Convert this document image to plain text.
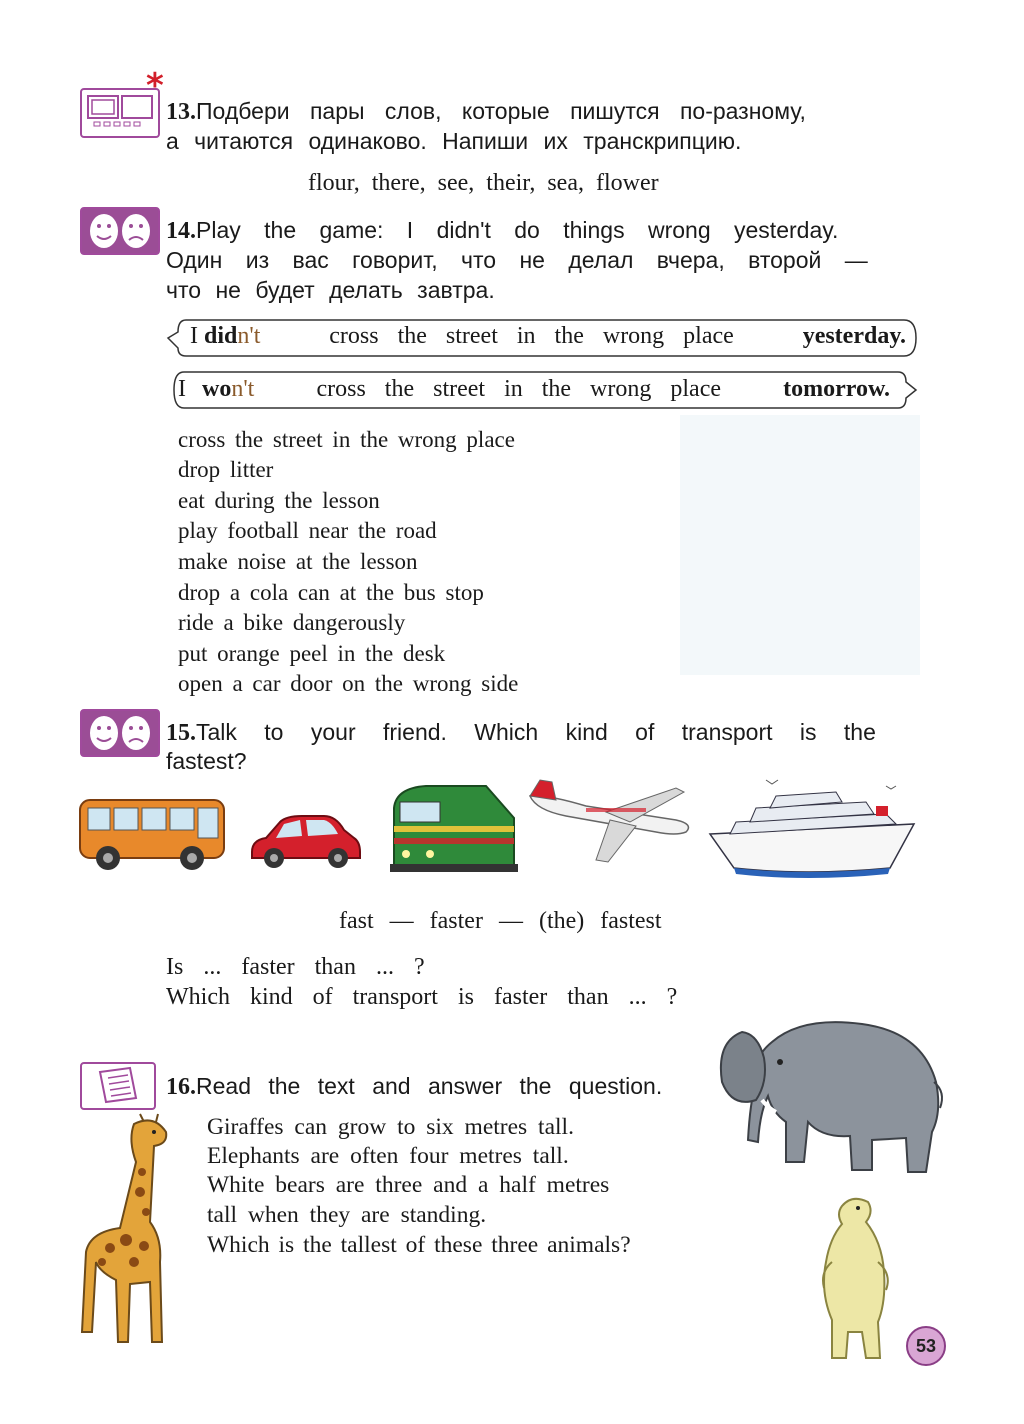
*
13.Подбери пары слов, которые пишутся по-разному,
а читаются одинаково. Напиши их транскрипцию.
flour, there, see, their, sea, flower
14.Play the game: I didn't do things wrong yesterday.
Один из вас говорит, что не делал вчера, второй —
что не будет делать завтра.
I didn't	cross the street in the wrong place	yesterday.
I won't	cross the street in the wrong place	tomorrow.
cross the street in the wrong place
drop litter
eat during the lesson
play football near the road
make noise at the lesson
drop a cola can at the bus stop
ride a bike dangerously
put orange peel in the desk
open a car door on the wrong side
15.Talk to your friend. Which kind of transport is the
fastest?
fast — faster — (the) fastest
Is ... faster than ... ?
Which kind of transport is faster than ... ?
16.Read the text and answer the question.
Giraffes can grow to six metres tall.
Elephants are often four metres tall.
White bears are three and a half metres
tall when they are standing.
Which is the tallest of these three animals?
53
